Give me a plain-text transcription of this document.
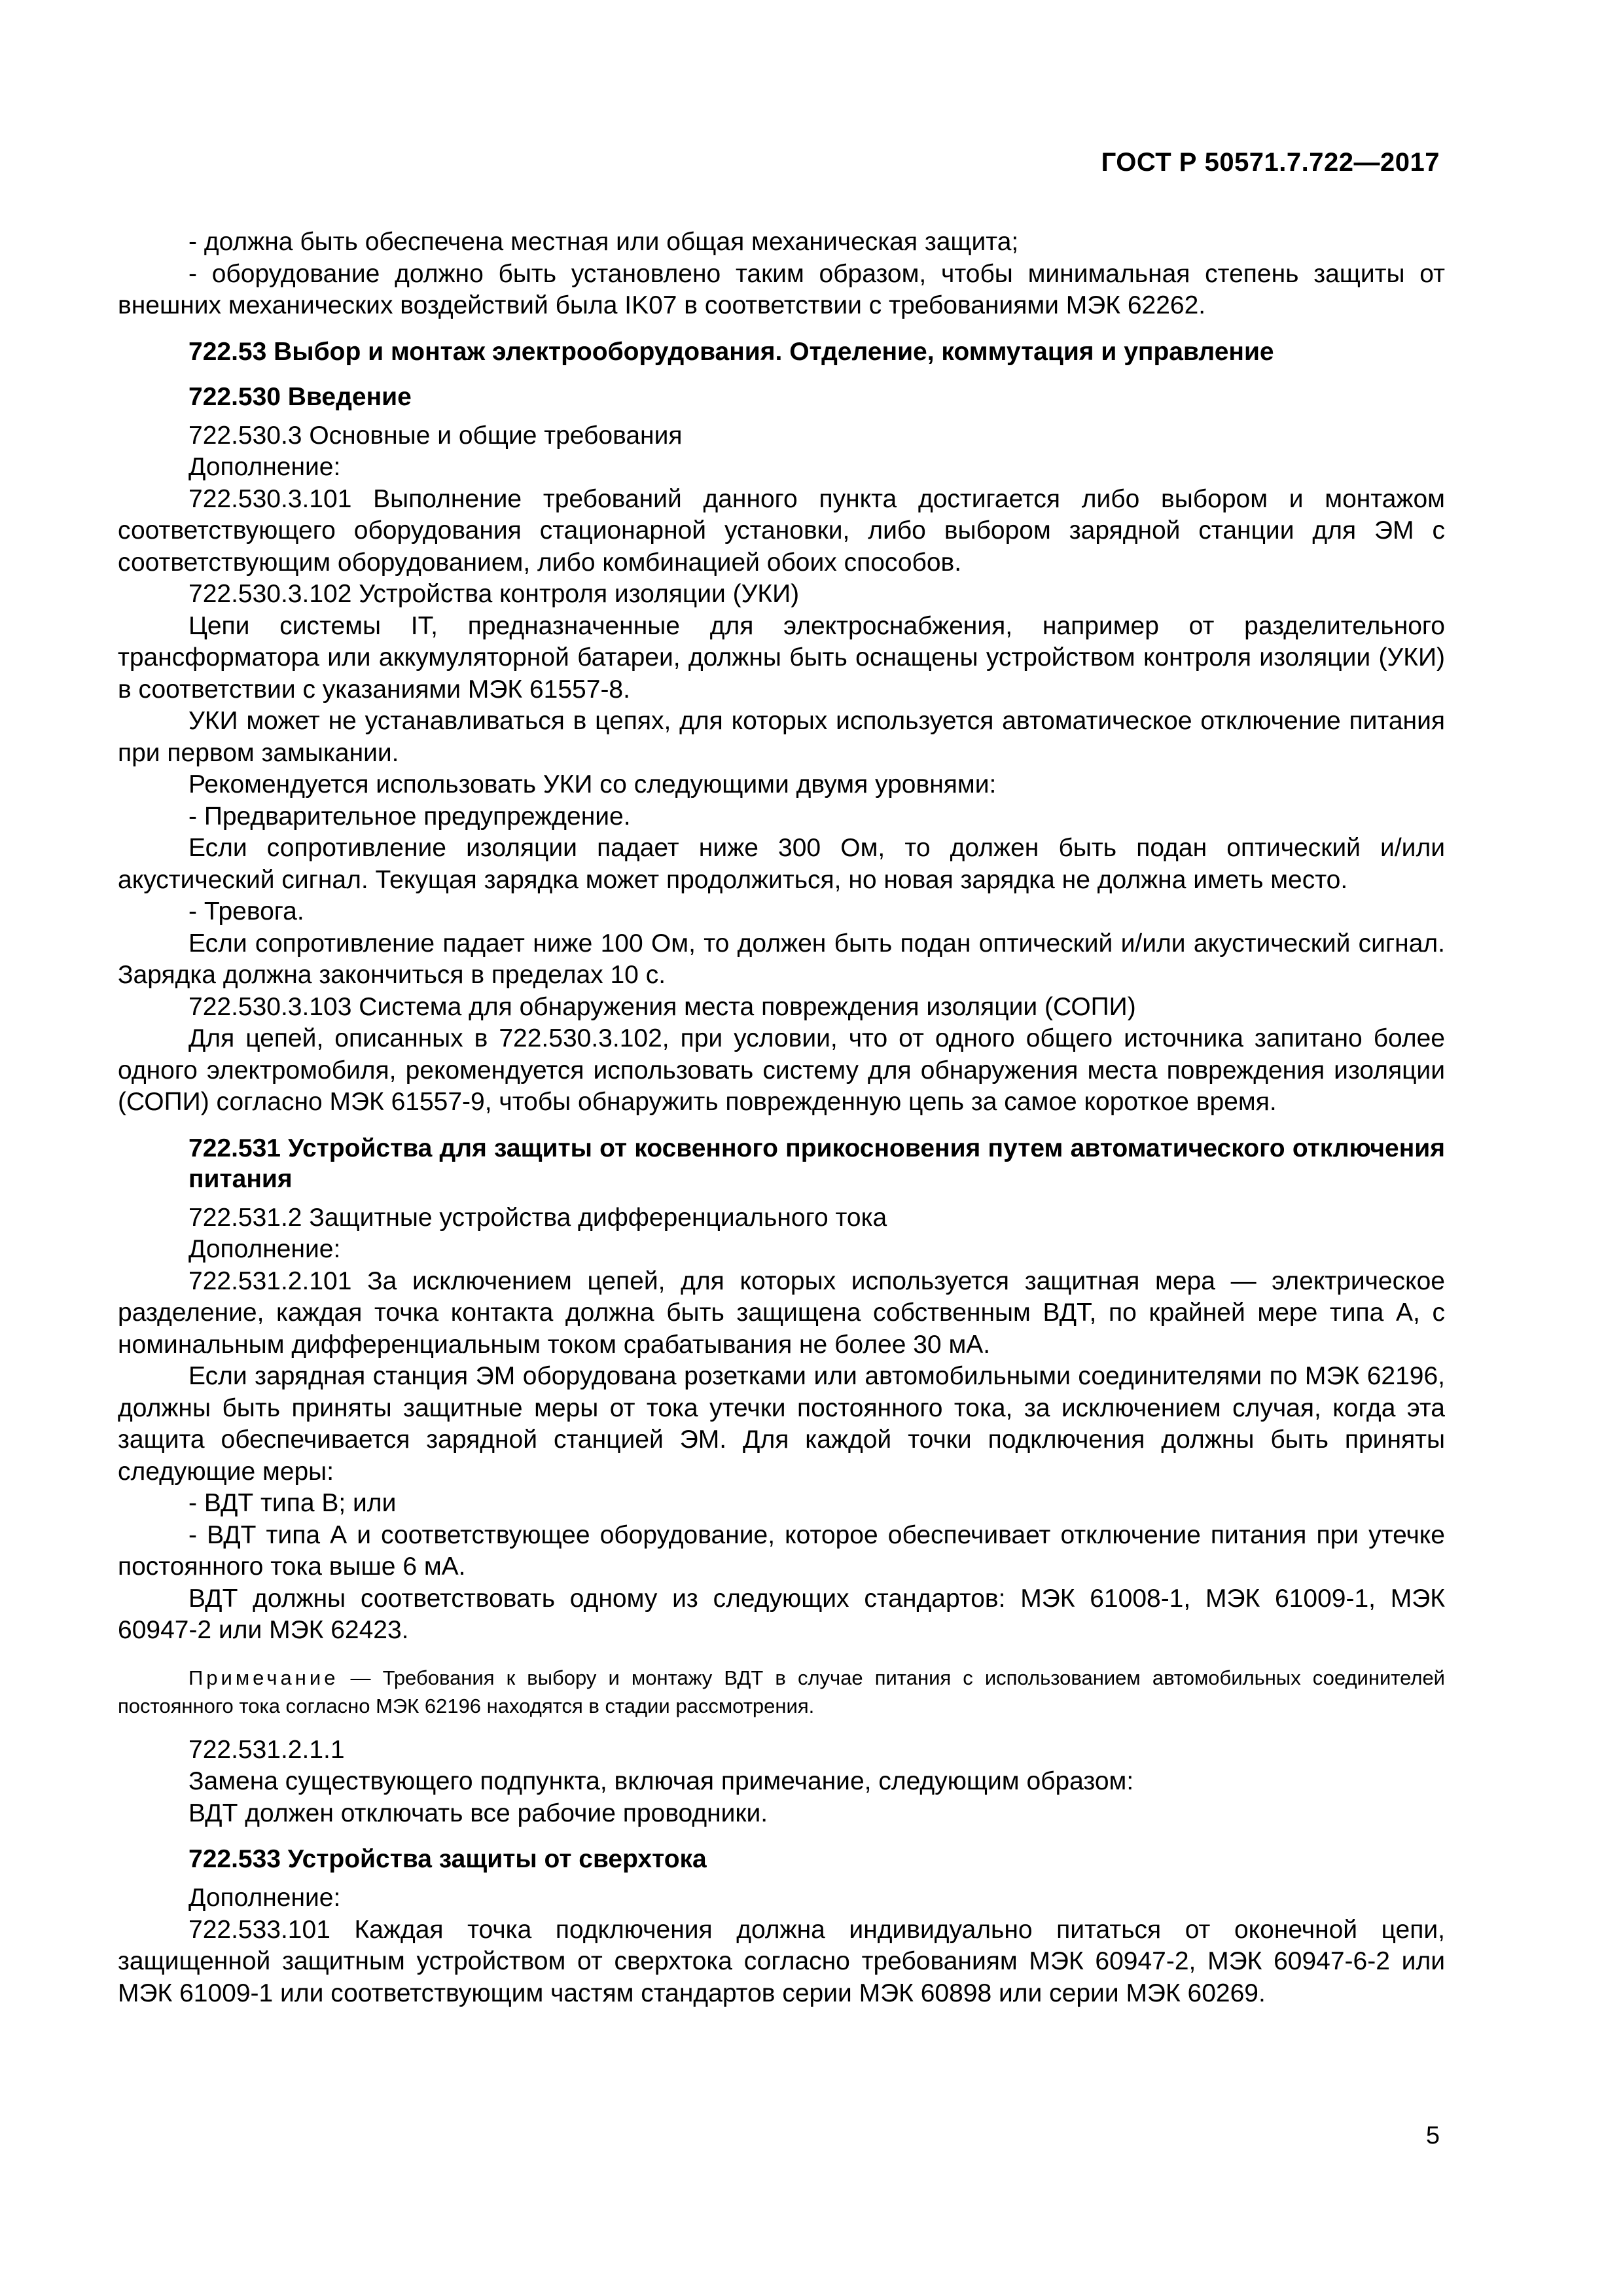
ГОСТ Р 50571.7.722—2017

- должна быть обеспечена местная или общая механическая защита;

- оборудование должно быть установлено таким образом, чтобы минимальная степень защиты от внешних механических воздействий была IK07 в соответствии с требованиями МЭК 62262.

722.53 Выбор и монтаж электрооборудования. Отделение, коммутация и управление

722.530 Введение

722.530.3 Основные и общие требования

Дополнение:

722.530.3.101 Выполнение требований данного пункта достигается либо выбором и монтажом соответствующего оборудования стационарной установки, либо выбором зарядной станции для ЭМ с соответствующим оборудованием, либо комбинацией обоих способов.

722.530.3.102 Устройства контроля изоляции (УКИ)

Цепи системы IT, предназначенные для электроснабжения, например от разделительного трансформатора или аккумуляторной батареи, должны быть оснащены устройством контроля изоляции (УКИ) в соответствии с указаниями МЭК 61557-8.

УКИ может не устанавливаться в цепях, для которых используется автоматическое отключение питания при первом замыкании.

Рекомендуется использовать УКИ со следующими двумя уровнями:

- Предварительное предупреждение.

Если сопротивление изоляции падает ниже 300 Ом, то должен быть подан оптический и/или акустический сигнал. Текущая зарядка может продолжиться, но новая зарядка не должна иметь место.

- Тревога.

Если сопротивление падает ниже 100 Ом, то должен быть подан оптический и/или акустический сигнал. Зарядка должна закончиться в пределах 10 с.

722.530.3.103 Система для обнаружения места повреждения изоляции (СОПИ)

Для цепей, описанных в 722.530.3.102, при условии, что от одного общего источника запитано более одного электромобиля, рекомендуется использовать систему для обнаружения места повреждения изоляции (СОПИ) согласно МЭК 61557-9, чтобы обнаружить поврежденную цепь за самое короткое время.

722.531 Устройства для защиты от косвенного прикосновения путем автоматического отключения питания

722.531.2 Защитные устройства дифференциального тока

Дополнение:

722.531.2.101 За исключением цепей, для которых используется защитная мера — электрическое разделение, каждая точка контакта должна быть защищена собственным ВДТ, по крайней мере типа А, с номинальным дифференциальным током срабатывания не более 30 мА.

Если зарядная станция ЭМ оборудована розетками или автомобильными соединителями по МЭК 62196, должны быть приняты защитные меры от тока утечки постоянного тока, за исключением случая, когда эта защита обеспечивается зарядной станцией ЭМ. Для каждой точки подключения должны быть приняты следующие меры:

- ВДТ типа В; или

- ВДТ типа А и соответствующее оборудование, которое обеспечивает отключение питания при утечке постоянного тока выше 6 мА.

ВДТ должны соответствовать одному из следующих стандартов: МЭК 61008-1, МЭК 61009-1, МЭК 60947-2 или МЭК 62423.

Примечание — Требования к выбору и монтажу ВДТ в случае питания с использованием автомобильных соединителей постоянного тока согласно МЭК 62196 находятся в стадии рассмотрения.

722.531.2.1.1

Замена существующего подпункта, включая примечание, следующим образом:

ВДТ должен отключать все рабочие проводники.

722.533 Устройства защиты от сверхтока

Дополнение:

722.533.101 Каждая точка подключения должна индивидуально питаться от оконечной цепи, защищенной защитным устройством от сверхтока согласно требованиям МЭК 60947-2, МЭК 60947-6-2 или МЭК 61009-1 или соответствующим частям стандартов серии МЭК 60898 или серии МЭК 60269.

5
